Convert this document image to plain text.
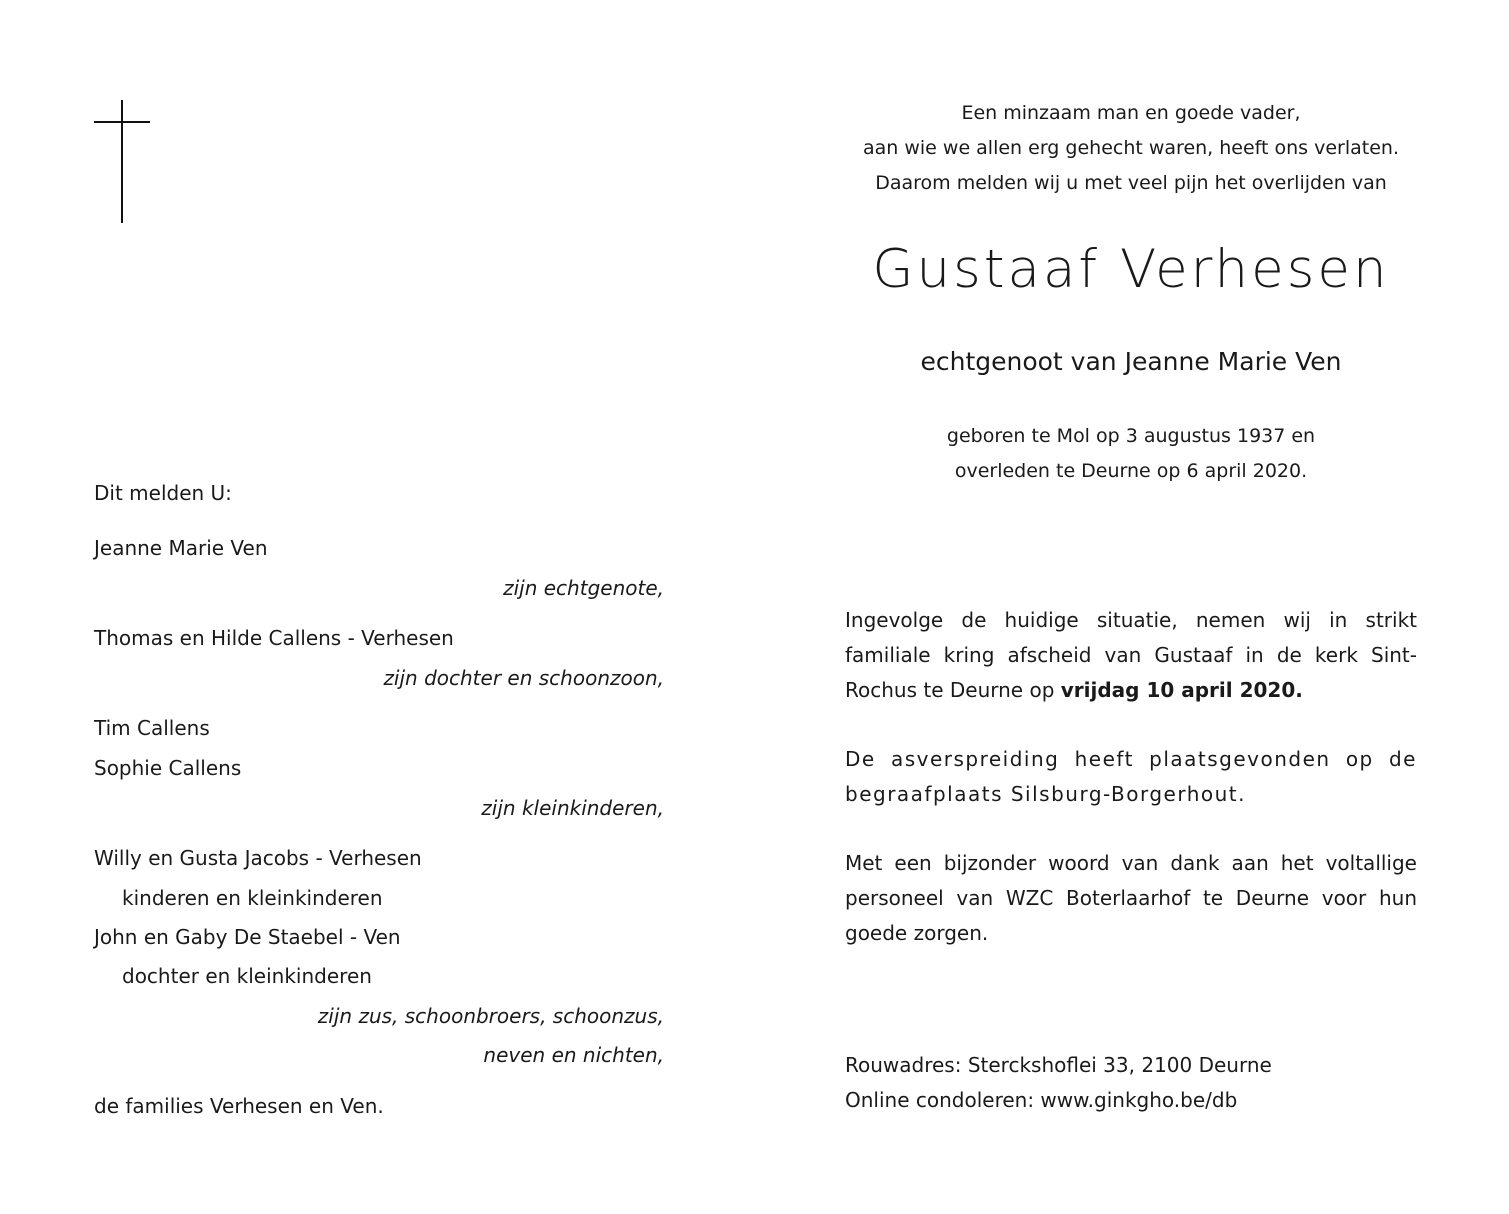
Dit melden U:
Jeanne Marie Ven
zijn echtgenote,
Thomas en Hilde Callens - Verhesen
zijn dochter en schoonzoon,
Tim Callens
Sophie Callens
zijn kleinkinderen,
Willy en Gusta Jacobs - Verhesen
kinderen en kleinkinderen
John en Gaby De Staebel - Ven
dochter en kleinkinderen
zijn zus, schoonbroers, schoonzus,
neven en nichten,
de families Verhesen en Ven.
Een minzaam man en goede vader,
aan wie we allen erg gehecht waren, heeft ons verlaten.
Daarom melden wij u met veel pijn het overlijden van
Gustaaf Verhesen
echtgenoot van Jeanne Marie Ven
geboren te Mol op 3 augustus 1937 en
overleden te Deurne op 6 april 2020.
Ingevolge de huidige situatie, nemen wij in strikt familiale kring afscheid van Gustaaf in de kerk Sint-Rochus te Deurne op vrijdag 10 april 2020.
De asverspreiding heeft plaatsgevonden op de begraafplaats Silsburg-Borgerhout.
Met een bijzonder woord van dank aan het voltallige personeel van WZC Boterlaarhof te Deurne voor hun goede zorgen.
Rouwadres: Sterckshoflei 33, 2100 Deurne
Online condoleren: www.ginkgho.be/db
